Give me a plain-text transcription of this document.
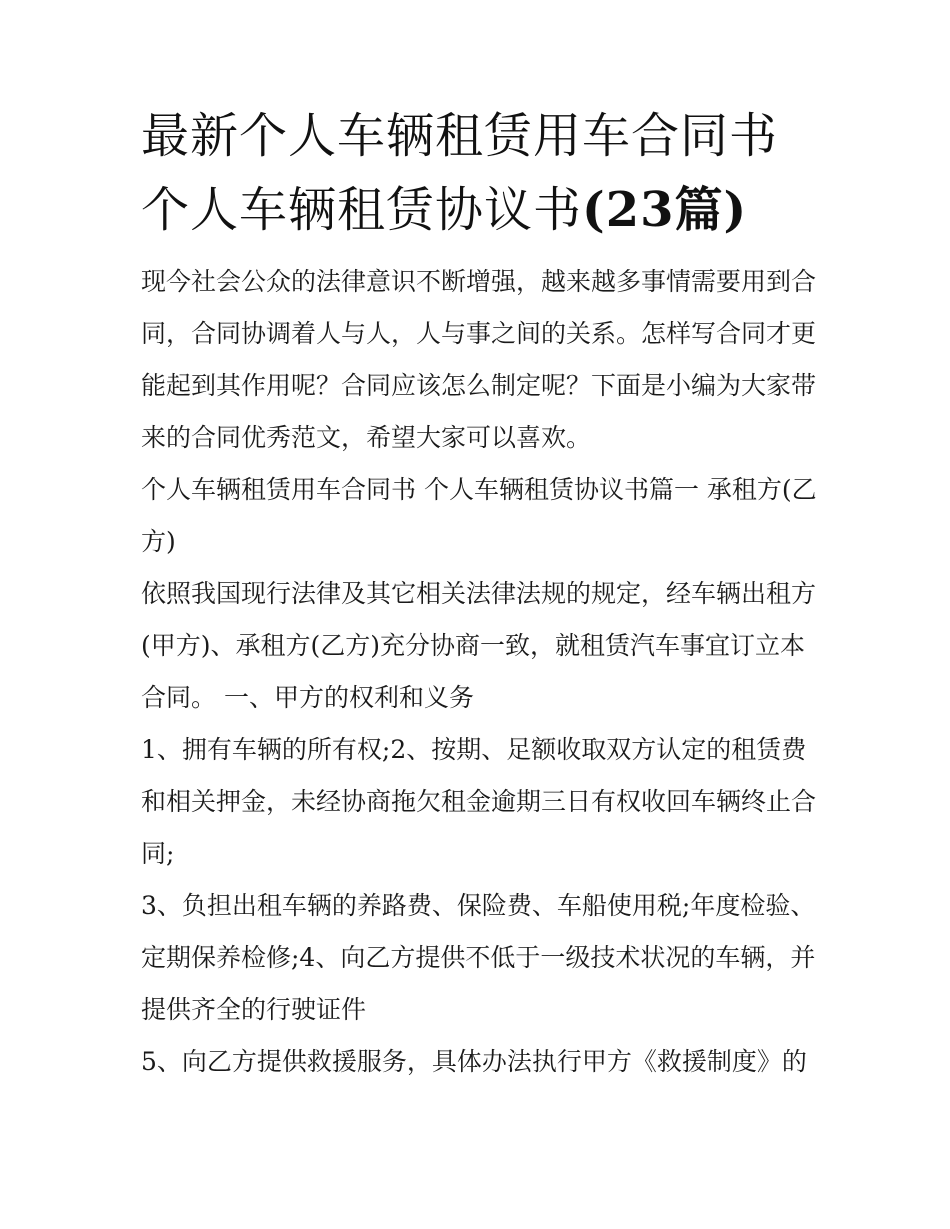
最新个人车辆租赁用车合同书
个人车辆租赁协议书(23篇)

现今社会公众的法律意识不断增强，越来越多事情需要用到合
同，合同协调着人与人，人与事之间的关系。怎样写合同才更
能起到其作用呢？合同应该怎么制定呢？下面是小编为大家带
来的合同优秀范文，希望大家可以喜欢。

个人车辆租赁用车合同书 个人车辆租赁协议书篇一 承租方(乙
方)

依照我国现行法律及其它相关法律法规的规定，经车辆出租方
(甲方)、承租方(乙方)充分协商一致，就租赁汽车事宜订立本
合同。 一、甲方的权利和义务

1、拥有车辆的所有权;2、按期、足额收取双方认定的租赁费
和相关押金，未经协商拖欠租金逾期三日有权收回车辆终止合
同;

3、负担出租车辆的养路费、保险费、车船使用税;年度检验、
定期保养检修;4、向乙方提供不低于一级技术状况的车辆，并
提供齐全的行驶证件

5、向乙方提供救援服务，具体办法执行甲方《救援制度》的
